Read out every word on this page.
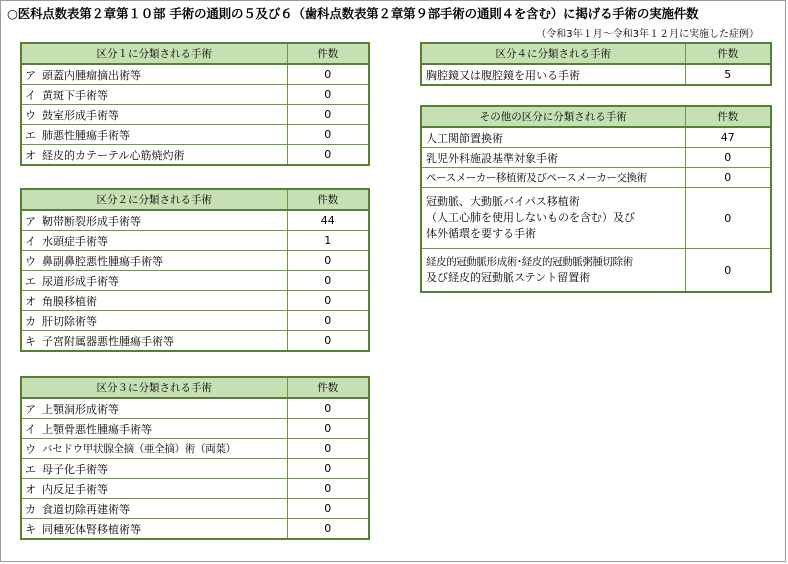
○医科点数表第２章第１０部 手術の通則の５及び６（歯科点数表第２章第９部手術の通則４を含む）に掲げる手術の実施件数
（令和3年１月～令和3年１２月に実施した症例）
区分１に分類される手術		件数
ア	頭蓋内腫瘤摘出術等	0
イ	黄斑下手術等	0
ウ	鼓室形成手術等	0
エ	肺悪性腫瘍手術等	0
オ	経皮的カテーテル心筋焼灼術	0
区分２に分類される手術		件数
ア	靭帯断裂形成手術等	44
イ	水頭症手術等	1
ウ	鼻副鼻腔悪性腫瘍手術等	0
エ	尿道形成手術等	0
オ	角膜移植術	0
カ	肝切除術等	0
キ	子宮附属器悪性腫瘍手術等	0
区分３に分類される手術		件数
ア	上顎洞形成術等	0
イ	上顎骨悪性腫瘍手術等	0
ウ	バセドウ甲状腺全摘（亜全摘）術（両葉）	0
エ	母子化手術等	0
オ	内反足手術等	0
カ	食道切除再建術等	0
キ	同種死体腎移植術等	0
区分４に分類される手術	件数
胸腔鏡又は腹腔鏡を用いる手術	5
その他の区分に分類される手術	件数
人工関節置換術	47
乳児外科施設基準対象手術	0
ペースメーカー移植術及びペースメーカー交換術	0

冠動脈、大動脈バイパス移植術
（人工心肺を使用しないものを含む）及び
体外循環を要する手術	0

経皮的冠動脈形成術･経皮的冠動脈粥腫切除術
及び経皮的冠動脈ステント留置術	0
